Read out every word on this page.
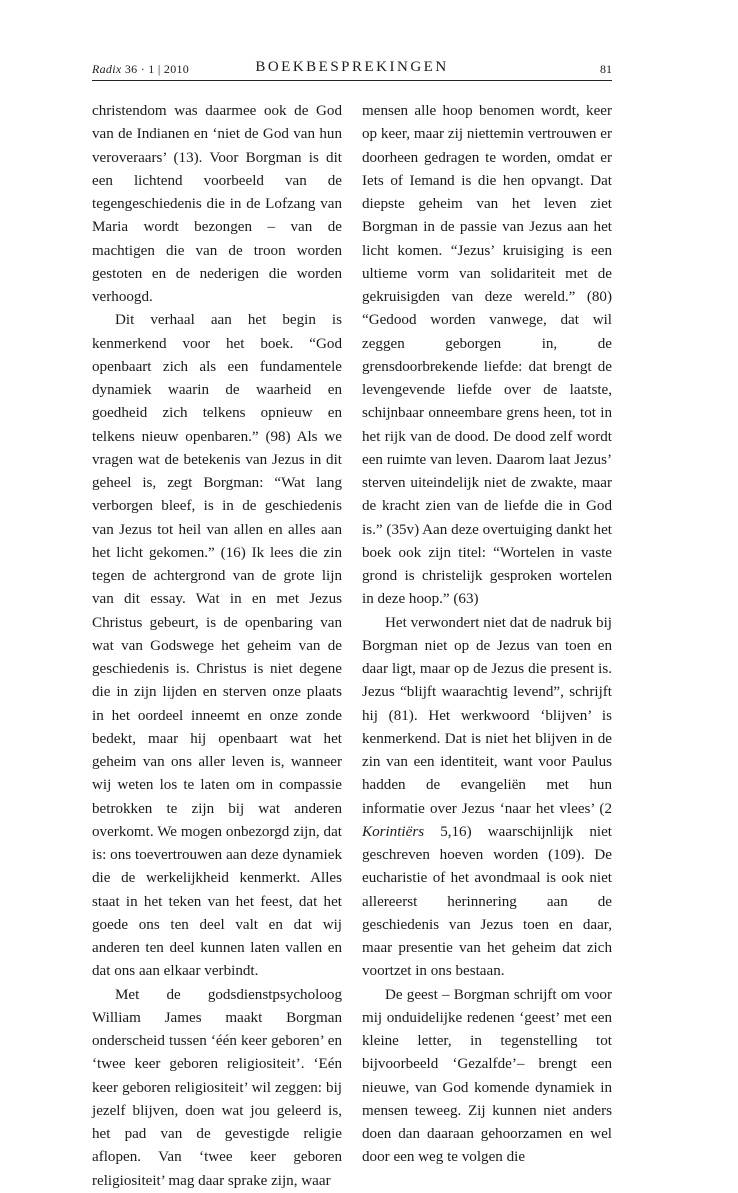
Radix 36 · 1 | 2010	BOEKBESPREKINGEN	81

christendom was daarmee ook de God van de Indianen en ‘niet de God van hun veroveraars’ (13). Voor Borgman is dit een lichtend voorbeeld van de tegengeschiedenis die in de Lofzang van Maria wordt bezongen – van de machtigen die van de troon worden gestoten en de nederigen die worden verhoogd.

Dit verhaal aan het begin is kenmerkend voor het boek. “God openbaart zich als een fundamentele dynamiek waarin de waarheid en goedheid zich telkens opnieuw en telkens nieuw openbaren.” (98) Als we vragen wat de betekenis van Jezus in dit geheel is, zegt Borgman: “Wat lang verborgen bleef, is in de geschiedenis van Jezus tot heil van allen en alles aan het licht gekomen.” (16) Ik lees die zin tegen de achtergrond van de grote lijn van dit essay. Wat in en met Jezus Christus gebeurt, is de openbaring van wat van Godswege het geheim van de geschiedenis is. Christus is niet degene die in zijn lijden en sterven onze plaats in het oordeel inneemt en onze zonde bedekt, maar hij openbaart wat het geheim van ons aller leven is, wanneer wij weten los te laten om in compassie betrokken te zijn bij wat anderen overkomt. We mogen onbezorgd zijn, dat is: ons toevertrouwen aan deze dynamiek die de werkelijkheid kenmerkt. Alles staat in het teken van het feest, dat het goede ons ten deel valt en dat wij anderen ten deel kunnen laten vallen en dat ons aan elkaar verbindt.

Met de godsdienstpsycholoog William James maakt Borgman onderscheid tussen ‘één keer geboren’ en ‘twee keer geboren religiositeit’. ‘Eén keer geboren religiositeit’ wil zeggen: bij jezelf blijven, doen wat jou geleerd is, het pad van de gevestigde religie aflopen. Van ‘twee keer geboren religiositeit’ mag daar sprake zijn, waar

mensen alle hoop benomen wordt, keer op keer, maar zij niettemin vertrouwen er doorheen gedragen te worden, omdat er Iets of Iemand is die hen opvangt. Dat diepste geheim van het leven ziet Borgman in de passie van Jezus aan het licht komen. “Jezus’ kruisiging is een ultieme vorm van solidariteit met de gekruisigden van deze wereld.” (80) “Gedood worden vanwege, dat wil zeggen geborgen in, de grensdoorbrekende liefde: dat brengt de levengevende liefde over de laatste, schijnbaar onneembare grens heen, tot in het rijk van de dood. De dood zelf wordt een ruimte van leven. Daarom laat Jezus’ sterven uiteindelijk niet de zwakte, maar de kracht zien van de liefde die in God is.” (35v) Aan deze overtuiging dankt het boek ook zijn titel: “Wortelen in vaste grond is christelijk gesproken wortelen in deze hoop.” (63)

Het verwondert niet dat de nadruk bij Borgman niet op de Jezus van toen en daar ligt, maar op de Jezus die present is. Jezus “blijft waarachtig levend”, schrijft hij (81). Het werkwoord ‘blijven’ is kenmerkend. Dat is niet het blijven in de zin van een identiteit, want voor Paulus hadden de evangeliën met hun informatie over Jezus ‘naar het vlees’ (2 Korintiërs 5,16) waarschijnlijk niet geschreven hoeven worden (109). De eucharistie of het avondmaal is ook niet allereerst herinnering aan de geschiedenis van Jezus toen en daar, maar presentie van het geheim dat zich voortzet in ons bestaan.

De geest – Borgman schrijft om voor mij onduidelijke redenen ‘geest’ met een kleine letter, in tegenstelling tot bijvoorbeeld ‘Gezalfde’– brengt een nieuwe, van God komende dynamiek in mensen teweeg. Zij kunnen niet anders doen dan daaraan gehoorzamen en wel door een weg te volgen die
